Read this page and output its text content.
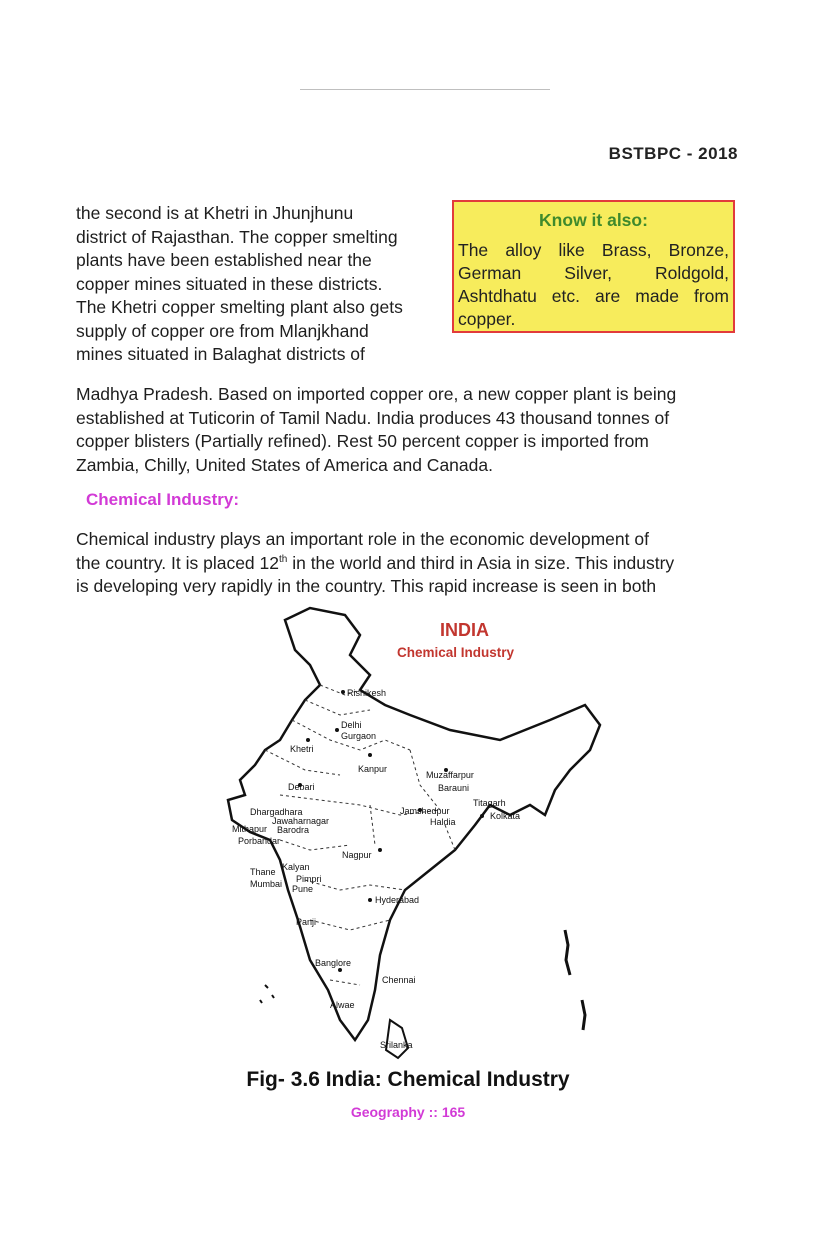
BSTBPC - 2018
the second is at Khetri in Jhunjhunu
district of Rajasthan. The copper smelting
plants have been established near the
copper mines situated in these districts.
The Khetri copper smelting plant also gets
supply of copper ore from Mlanjkhand
mines situated in Balaghat districts of
Know it also:
The alloy like Brass, Bronze, German Silver, Roldgold, Ashtdhatu etc. are made from copper.
Madhya Pradesh. Based on imported copper ore, a new copper plant is being
established at Tuticorin of Tamil Nadu. India produces 43 thousand tonnes of
copper blisters (Partially refined). Rest 50 percent copper is imported from
Zambia, Chilly, United States of America and Canada.
Chemical Industry:
Chemical industry plays an important role in the economic development of
the country. It is placed 12th in the world and third in Asia in size. This industry
is developing very rapidly in the country. This rapid increase is seen in both
INDIA
Chemical Industry
Rishikesh
Delhi
Gurgaon
Khetri
Kanpur
Muzaffarpur
Barauni
Debari
Titagarh
Kolkata
Jamshedpur
Haldia
Dhargadhara
Jawaharnagar
Mithapur Barodra
Porbandar
Nagpur
Thane Kalyan
Mumbai Pimpri
Pune
Hyderabad
Panji
Banglore
Chennai
Alwae
Srilanka
Fig- 3.6 India: Chemical Industry
Geography :: 165
